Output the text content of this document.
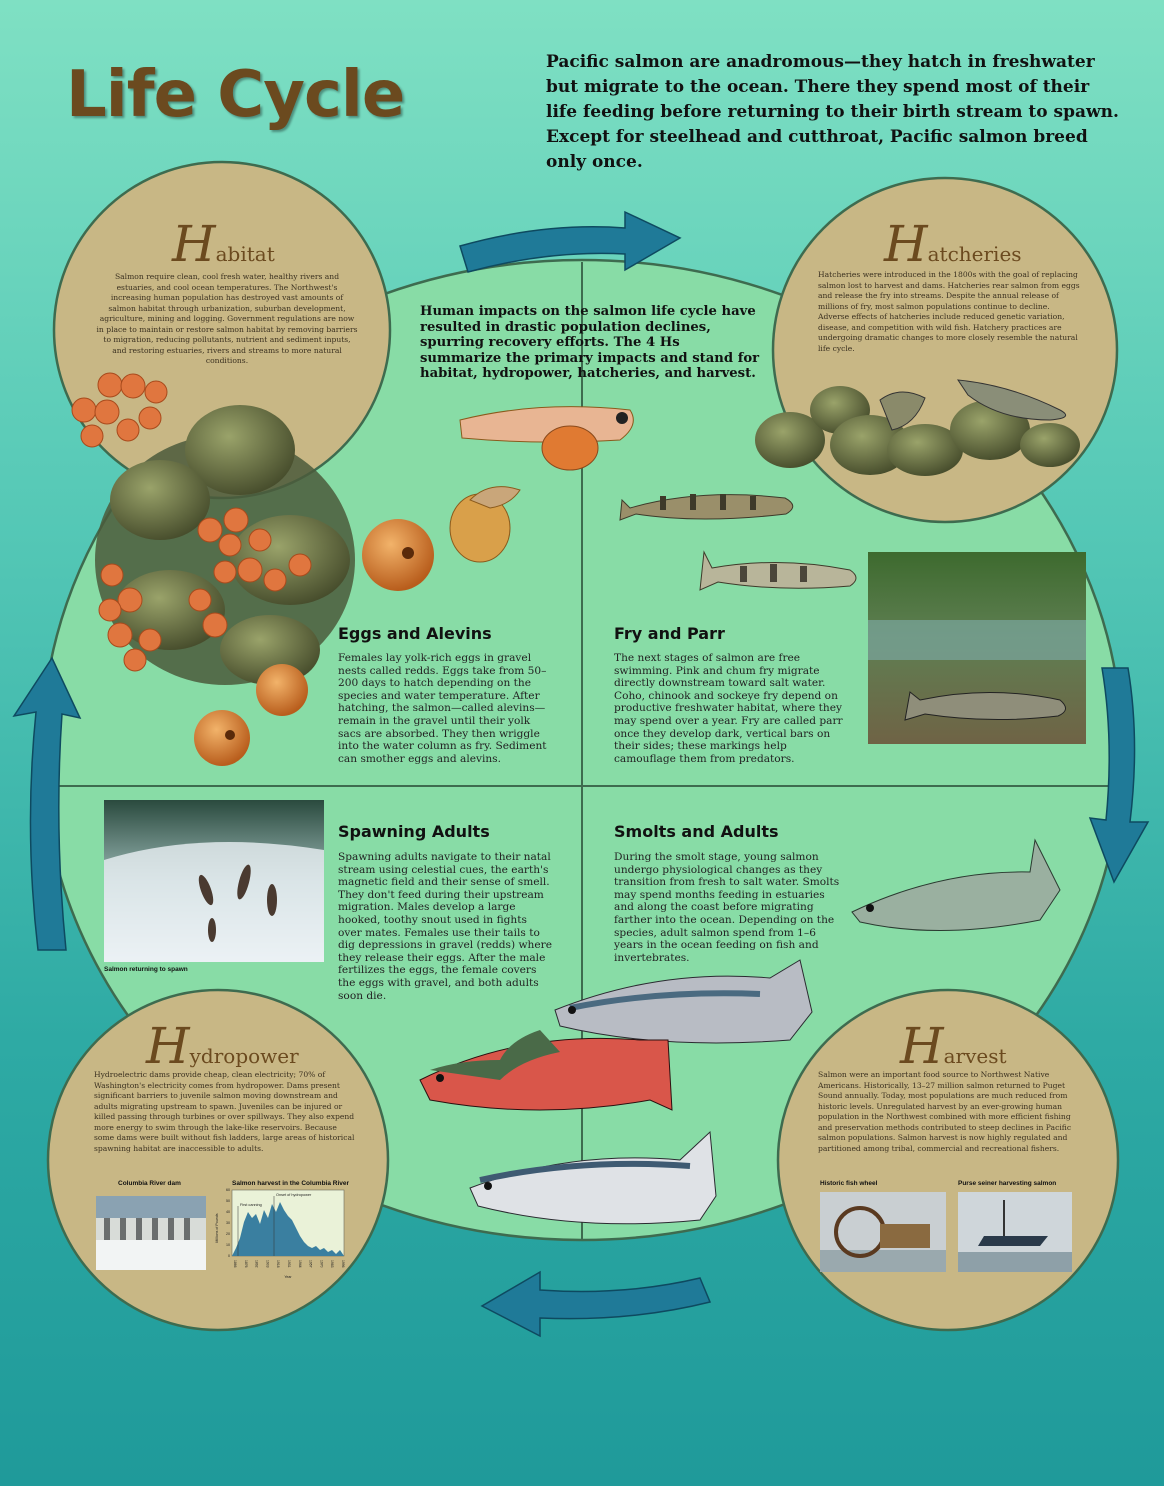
Life Cycle	Pacific salmon are anadromous—they hatch in freshwater but migrate to the ocean. There they spend most of their life feeding before returning to their birth stream to spawn. Except for steelhead and cutthroat, Pacific salmon breed only once.
Habitat
Salmon require clean, cool fresh water, healthy rivers and estuaries, and cool ocean temperatures. The Northwest's increasing human population has destroyed vast amounts of salmon habitat through urbanization, suburban development, agriculture, mining and logging. Government regulations are now in place to maintain or restore salmon habitat by removing barriers to migration, reducing pollutants, nutrient and sediment inputs, and restoring estuaries, rivers and streams to more natural conditions.
Hatcheries
Hatcheries were introduced in the 1800s with the goal of replacing salmon lost to harvest and dams. Hatcheries rear salmon from eggs and release the fry into streams. Despite the annual release of millions of fry, most salmon populations continue to decline. Adverse effects of hatcheries include reduced genetic variation, disease, and competition with wild fish. Hatchery practices are undergoing dramatic changes to more closely resemble the natural life cycle.
Human impacts on the salmon life cycle have resulted in drastic population declines, spurring recovery efforts. The 4 Hs summarize the primary impacts and stand for habitat, hydropower, hatcheries, and harvest.
Eggs and Alevins
Females lay yolk-rich eggs in gravel nests called redds. Eggs take from 50–200 days to hatch depending on the species and water temperature. After hatching, the salmon—called alevins—remain in the gravel until their yolk sacs are absorbed. They then wriggle into the water column as fry. Sediment can smother eggs and alevins.
Fry and Parr
The next stages of salmon are free swimming. Pink and chum fry migrate directly downstream toward salt water. Coho, chinook and sockeye fry depend on productive freshwater habitat, where they may spend over a year. Fry are called parr once they develop dark, vertical bars on their sides; these markings help camouflage them from predators.
Spawning Adults
Spawning adults navigate to their natal stream using celestial cues, the earth's magnetic field and their sense of smell. They don't feed during their upstream migration. Males develop a large hooked, toothy snout used in fights over mates. Females use their tails to dig depressions in gravel (redds) where they release their eggs. After the male fertilizes the eggs, the female covers the eggs with gravel, and both adults soon die.
Salmon returning to spawn
Smolts and Adults
During the smolt stage, young salmon undergo physiological changes as they transition from fresh to salt water. Smolts may spend months feeding in estuaries and along the coast before migrating farther into the ocean. Depending on the species, adult salmon spend from 1–6 years in the ocean feeding on fish and invertebrates.
Hydropower
Hydroelectric dams provide cheap, clean electricity; 70% of Washington's electricity comes from hydropower. Dams present significant barriers to juvenile salmon moving downstream and adults migrating upstream to spawn. Juveniles can be injured or killed passing through turbines or over spillways. They also expend more energy to swim through the lake-like reservoirs. Because some dams were built without fish ladders, large areas of historical spawning habitat are inaccessible to adults.
Columbia River dam	Salmon harvest in the Columbia River
First canning
Onset of hydropower
0
10
20
30
40
50
60
1866 1876 1892 1903 1918 1931 1944 1957 1970 1983 1996
Millions of Pounds
Year
Harvest
Salmon were an important food source to Northwest Native Americans. Historically, 13–27 million salmon returned to Puget Sound annually. Today, most populations are much reduced from historic levels. Unregulated harvest by an ever-growing human population in the Northwest combined with more efficient fishing and preservation methods contributed to steep declines in Pacific salmon populations. Salmon harvest is now highly regulated and partitioned among tribal, commercial and recreational fishers.
Historic fish wheel	Purse seiner harvesting salmon
